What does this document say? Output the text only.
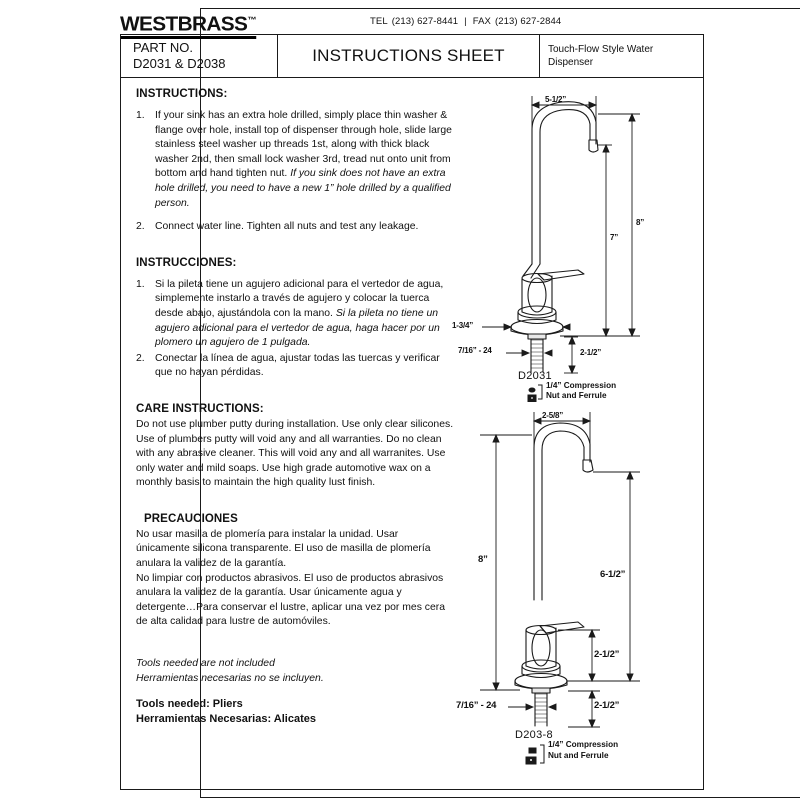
WESTBRASS™	TEL (213) 627-8441 | FAX (213) 627-2844
PART NO.
D2031 & D2038	INSTRUCTIONS SHEET	Touch-Flow Style Water Dispenser
INSTRUCTIONS:
1. If your sink has an extra hole drilled, simply place thin washer & flange over hole, install top of dispenser through hole, slide large stainless steel washer up threads 1st, along with thick black washer 2nd, then small lock washer 3rd, tread nut onto unit from bottom and hand tighten nut. If you sink does not have an extra hole drilled, you need to have a new 1” hole drilled by a qualified person.
2. Connect water line. Tighten all nuts and test any leakage.
INSTRUCCIONES:
1. Si la pileta tiene un agujero adicional para el vertedor de agua, simplemente instarlo a través de agujero y colocar la tuerca desde abajo, ajustándola con la mano. Si la pileta no tiene un agujero adicional para el vertedor de agua, haga hacer por un plomero un agujero de 1 pulgada.
2. Conectar la línea de agua, ajustar todas las tuercas y verificar que no hayan pérdidas.
CARE INSTRUCTIONS:

Do not use plumber putty during installation. Use only clear silicones. Use of plumbers putty will void any and all warranties. Do no clean with any abrasive cleaner. This will void any and all warranites. Use only water and mild soaps. Use high grade automotive wax on a monthly basis to maintain the high quality lust finish.

PRECAUCIONES

No usar masilla de plomería para instalar la unidad. Usar únicamente silicona transparente. El uso de masilla de plomería anulara la validez de la garantía.

No limpiar con productos abrasivos. El uso de productos abrasivos anulara la validez de la garantía. Usar únicamente agua y detergente…Para conservar el lustre, aplicar una vez por mes cera de alta calidad para lustre de automóviles.

Tools needed are not included

Herramientas necesarias no se incluyen.

Tools needed: Pliers

Herramientas Necesarias: Alicates

5-1/2”
8”
7”
1-3/4”
2-1/2”
7/16” - 24
1/4” Compression
Nut and Ferrule
D2031
2-5/8”
8”
6-1/2”
2-1/2”
2-1/2”
7/16” - 24
1/4” Compression
Nut and Ferrule
D203-8
